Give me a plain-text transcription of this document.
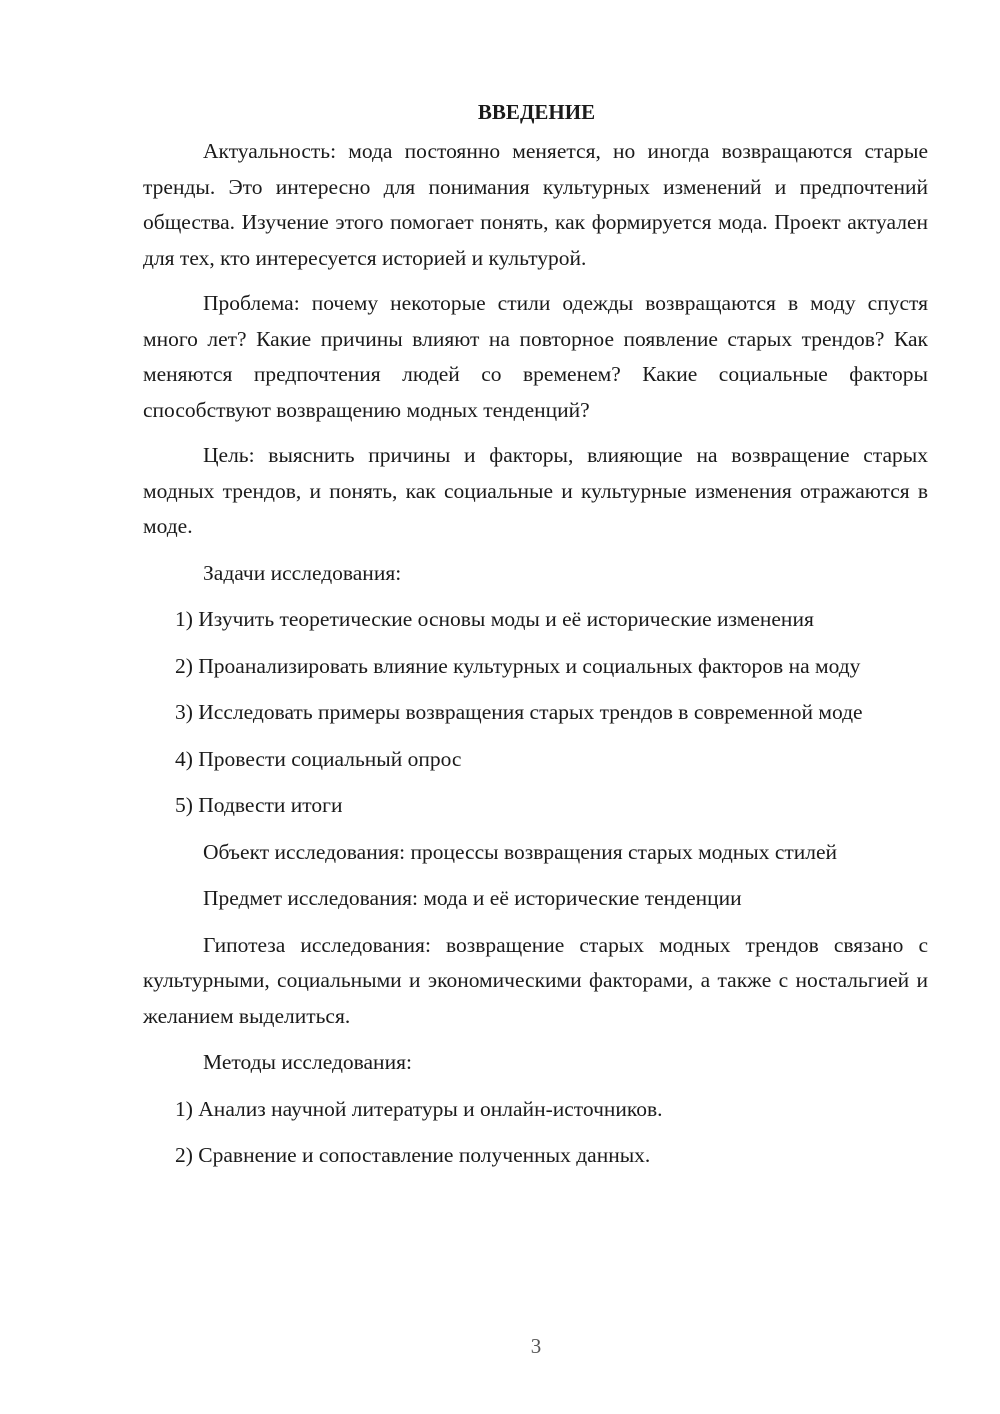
ВВЕДЕНИЕ

Актуальность: мода постоянно меняется, но иногда возвращаются старые тренды. Это интересно для понимания культурных изменений и предпочтений общества. Изучение этого помогает понять, как формируется мода. Проект актуален для тех, кто интересуется историей и культурой.

Проблема: почему некоторые стили одежды возвращаются в моду спустя много лет? Какие причины влияют на повторное появление старых трендов? Как меняются предпочтения людей со временем? Какие социальные факторы способствуют возвращению модных тенденций?

Цель: выяснить причины и факторы, влияющие на возвращение старых модных трендов, и понять, как социальные и культурные изменения отражаются в моде.

Задачи исследования:

1) Изучить теоретические основы моды и её исторические изменения

2) Проанализировать влияние культурных и социальных факторов на моду

3) Исследовать примеры возвращения старых трендов в современной моде

4) Провести социальный опрос

5) Подвести итоги

Объект исследования: процессы возвращения старых модных стилей

Предмет исследования: мода и её исторические тенденции

Гипотеза исследования: возвращение старых модных трендов связано с культурными, социальными и экономическими факторами, а также с ностальгией и желанием выделиться.

Методы исследования:

1) Анализ научной литературы и онлайн-источников.

2) Сравнение и сопоставление полученных данных.

3
